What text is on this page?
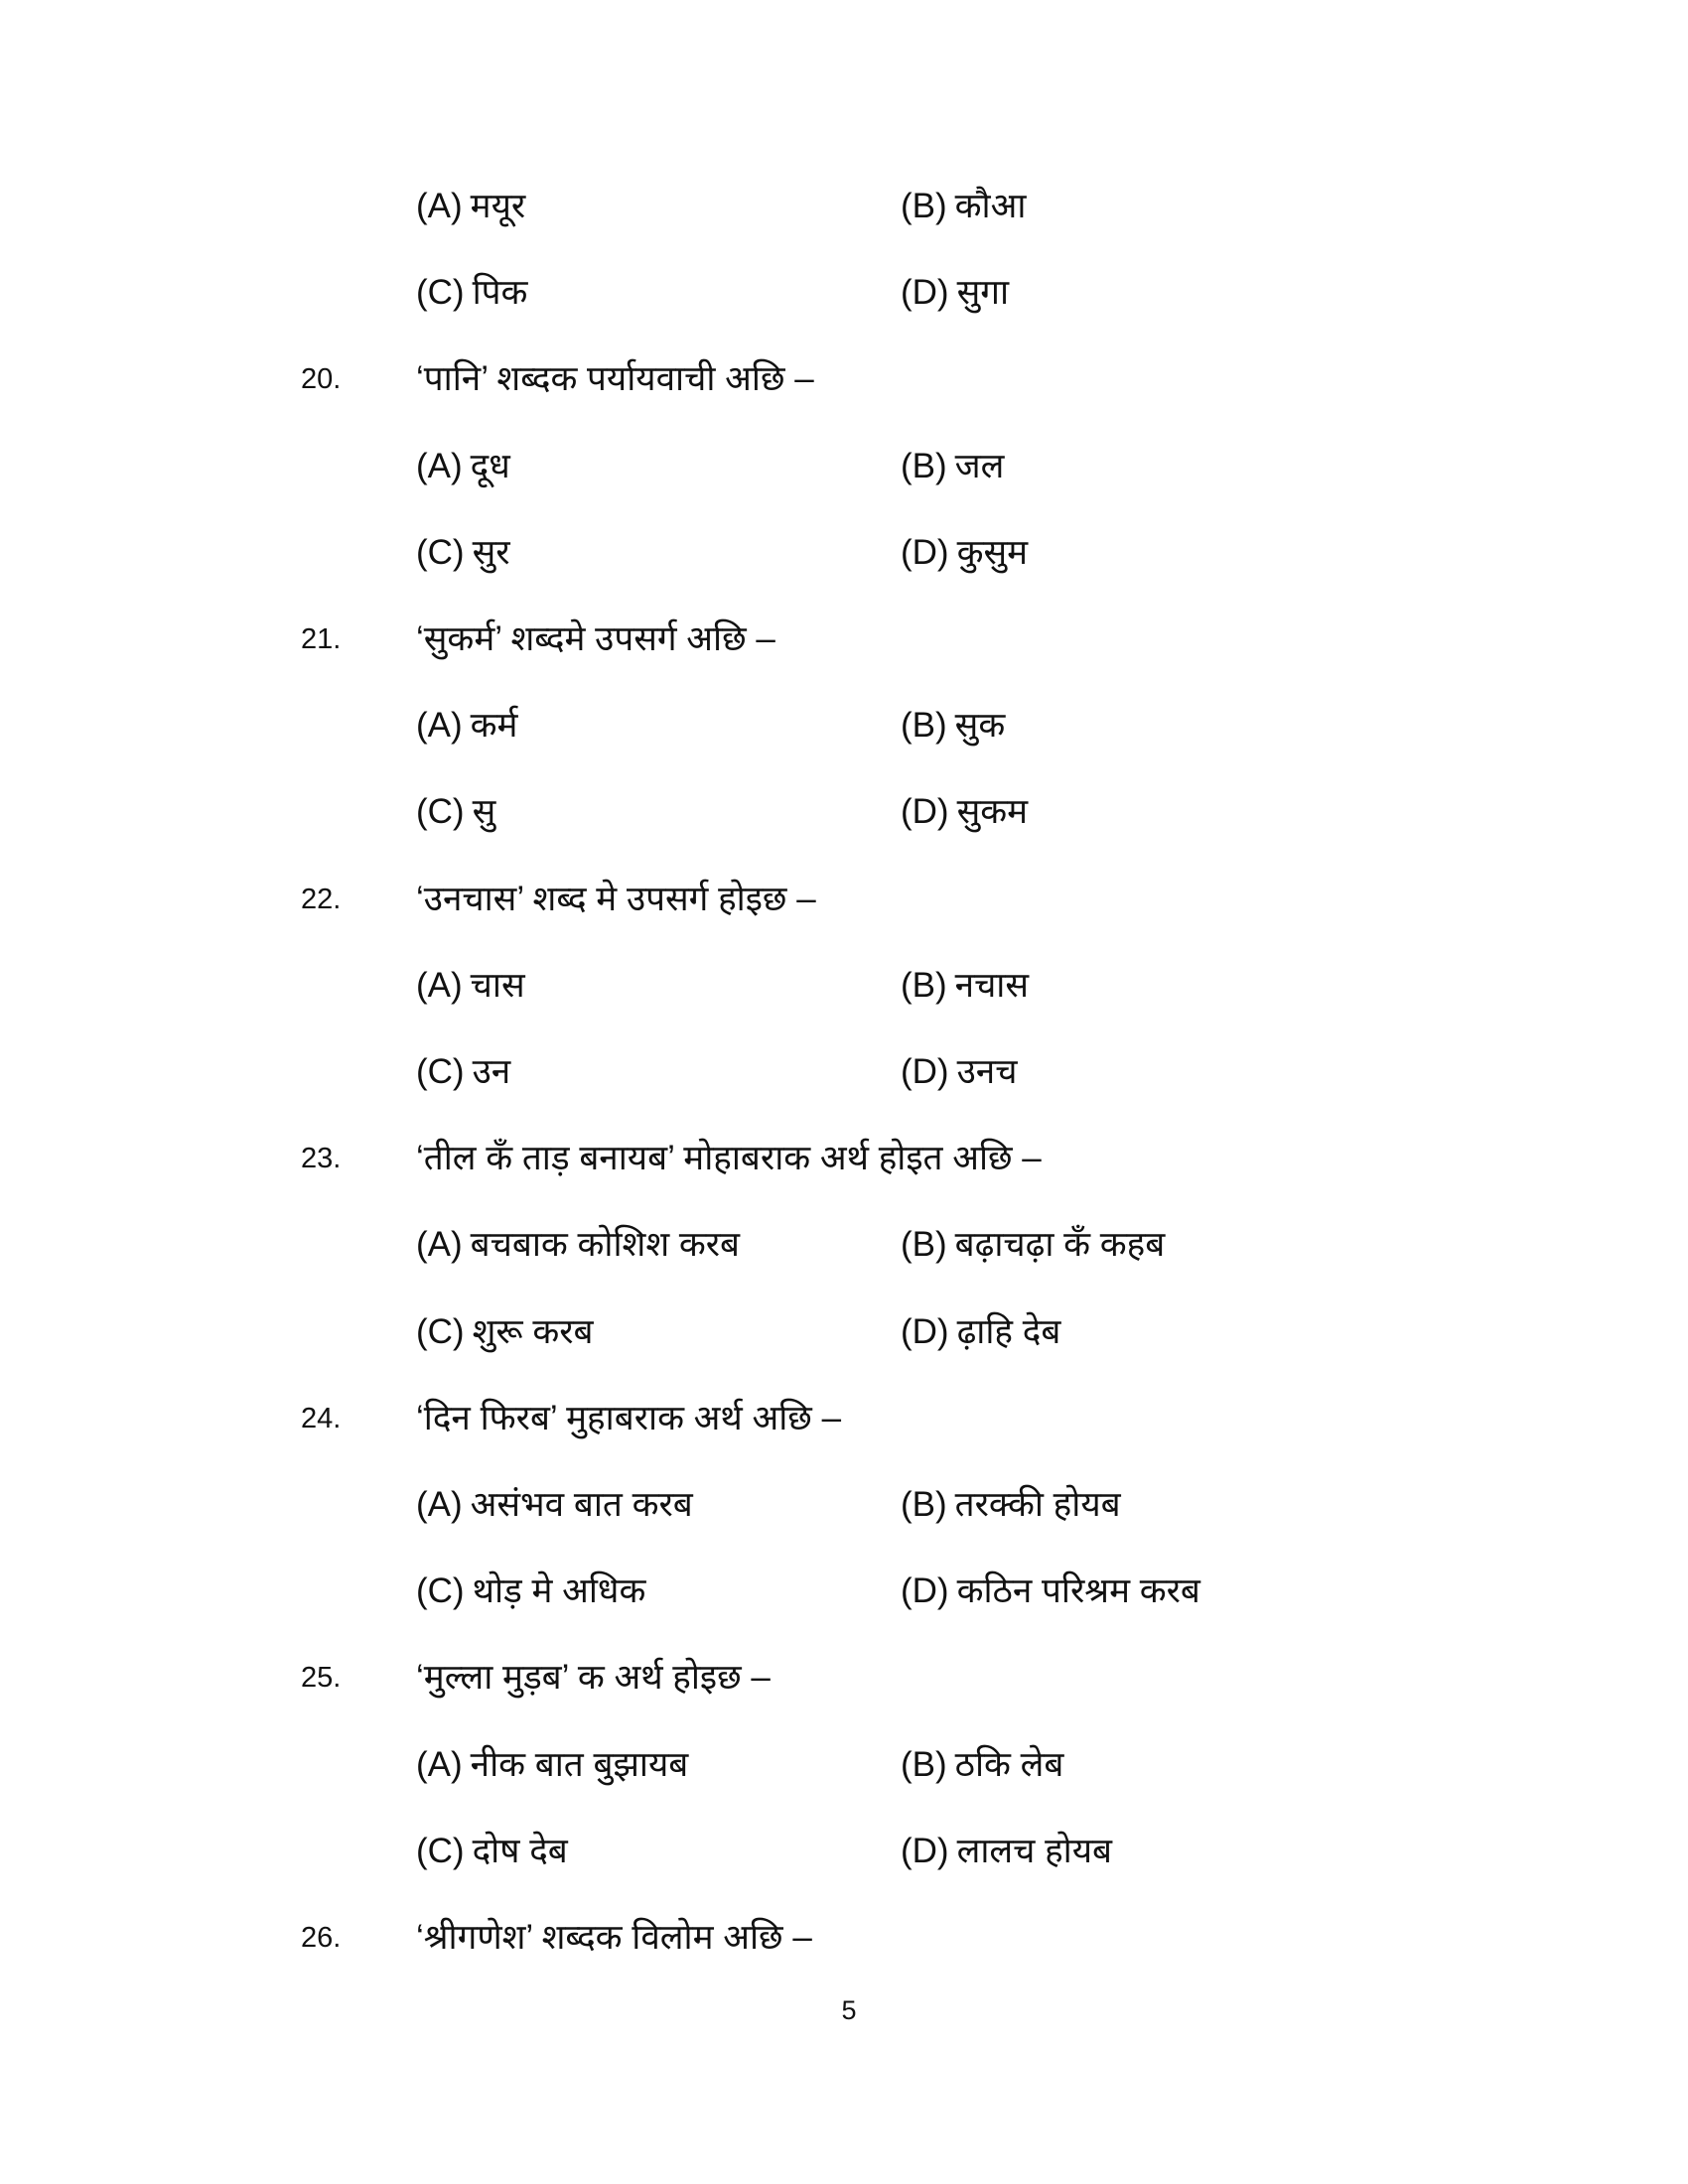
(A) मयूर	(B) कौआ
(C) पिक	(D) सुगा
20. ‘पानि’ शब्दक पर्यायवाची अछि –
(A) दूध	(B) जल
(C) सुर	(D) कुसुम
21. ‘सुकर्म’ शब्दमे उपसर्ग अछि –
(A) कर्म	(B) सुक
(C) सु	(D) सुकम
22. ‘उनचास’ शब्द मे उपसर्ग होइछ –
(A) चास	(B) नचास
(C) उन	(D) उनच
23. ‘तील कँ ताड़ बनायब’ मोहाबराक अर्थ होइत अछि –
(A) बचबाक कोशिश करब	(B) बढ़ाचढ़ा कँ कहब
(C) शुरू करब	(D) ढ़ाहि देब
24. ‘दिन फिरब’ मुहाबराक अर्थ अछि –
(A) असंभव बात करब	(B) तरक्की होयब
(C) थोड़ मे अधिक	(D) कठिन परिश्रम करब
25. ‘मुल्ला मुड़ब’ क अर्थ होइछ –
(A) नीक बात बुझायब	(B) ठकि लेब
(C) दोष देब	(D) लालच होयब
26. ‘श्रीगणेश’ शब्दक विलोम अछि –
5
